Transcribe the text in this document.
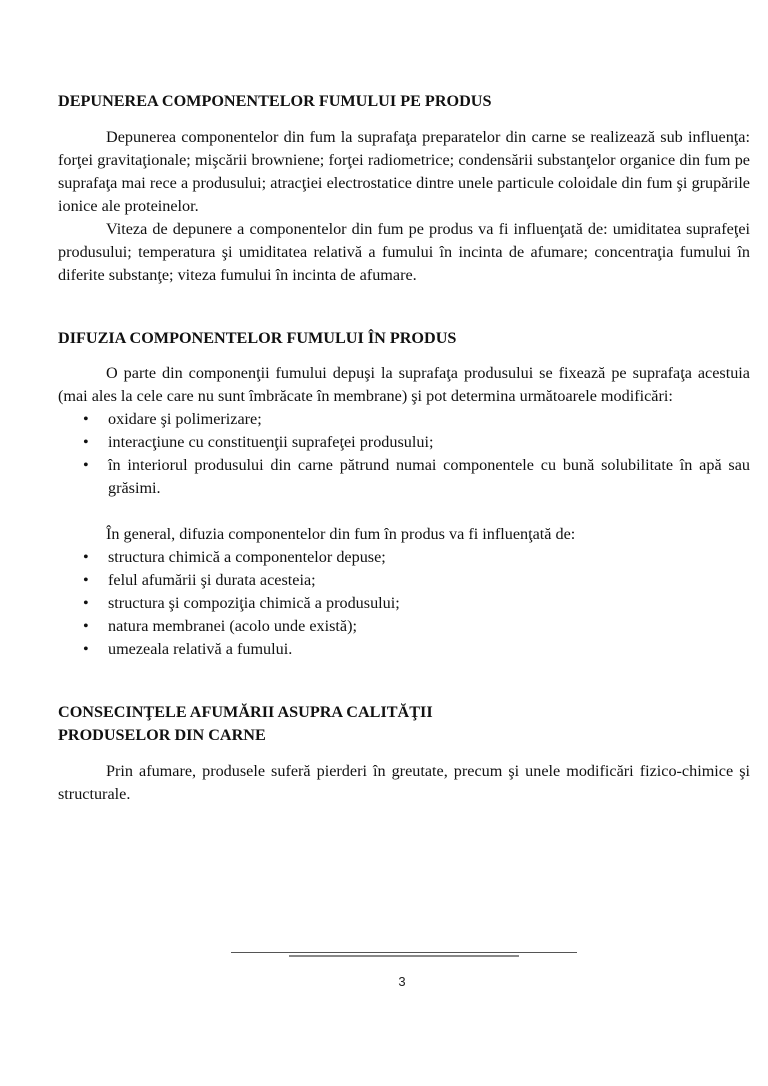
DEPUNEREA COMPONENTELOR FUMULUI PE PRODUS

Depunerea componentelor din fum la suprafaţa preparatelor din carne se realizează sub influenţa: forţei gravitaţionale; mişcării browniene; forţei radiometrice; condensării substanţelor organice din fum pe suprafaţa mai rece a produsului; atracţiei electrostatice dintre unele particule coloidale din fum şi grupările ionice ale proteinelor.

Viteza de depunere a componentelor din fum pe produs va fi influenţată de: umiditatea suprafeţei produsului; temperatura şi umiditatea relativă a fumului în incinta de afumare; concentraţia fumului în diferite substanţe; viteza fumului în incinta de afumare.

DIFUZIA COMPONENTELOR FUMULUI ÎN PRODUS

O parte din componenţii fumului depuşi la suprafaţa produsului se fixează pe suprafaţa acestuia (mai ales la cele care nu sunt îmbrăcate în membrane) şi pot determina următoarele modificări:

• oxidare şi polimerizare;
• interacţiune cu constituenţii suprafeţei produsului;
• în interiorul produsului din carne pătrund numai componentele cu bună solubilitate în apă sau grăsimi.

În general, difuzia componentelor din fum în produs va fi influenţată de:

• structura chimică a componentelor depuse;
• felul afumării şi durata acesteia;
• structura şi compoziţia chimică a produsului;
• natura membranei (acolo unde există);
• umezeala relativă a fumului.
CONSECINŢELE AFUMĂRII ASUPRA CALITĂŢII
PRODUSELOR DIN CARNE

Prin afumare, produsele suferă pierderi în greutate, precum şi unele modificări fizico-chimice şi structurale.

3
